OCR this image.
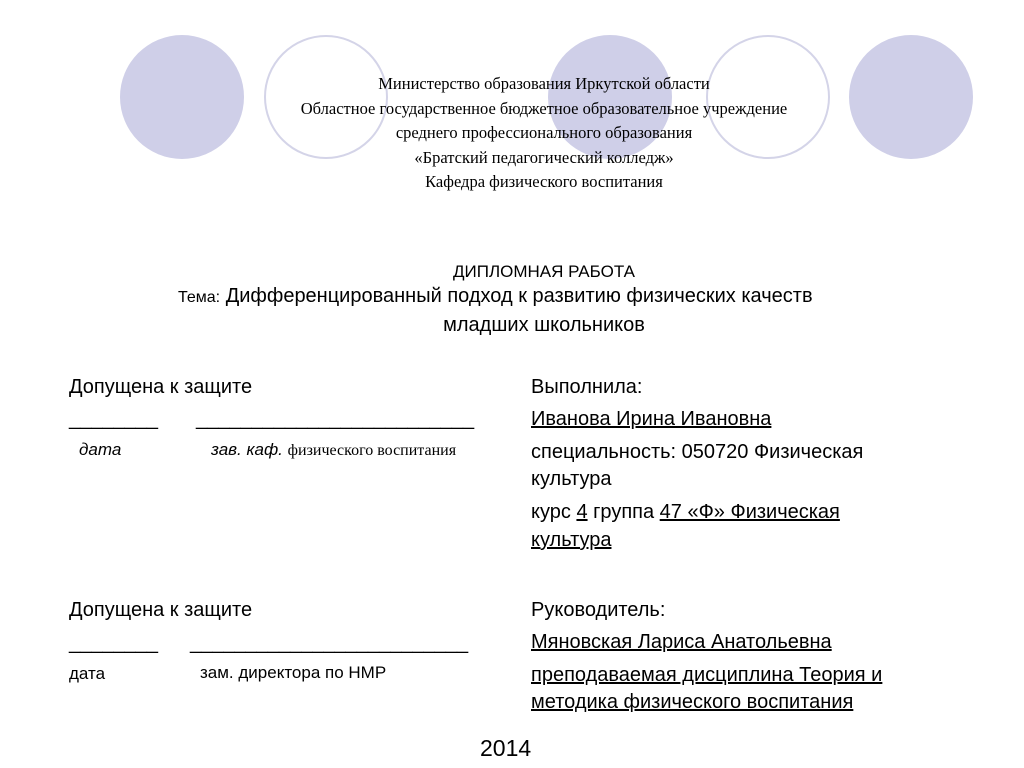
Министерство образования Иркутской области
Областное государственное бюджетное образовательное учреждение
среднего профессионального образования
«Братский педагогический колледж»
Кафедра физического воспитания
ДИПЛОМНАЯ РАБОТА
Тема: Дифференцированный подход к развитию физических качеств
младших школьников
Допущена к защите
________ _________________________
дата	зав. каф. физического воспитания
Выполнила:
Иванова Ирина Ивановна
специальность: 050720 Физическая
культура
курс 4 группа 47 «Ф» Физическая
культура
Допущена к защите
________ _________________________
дата	зам. директора по НМР
Руководитель:
Мяновская Лариса Анатольевна
преподаваемая дисциплина Теория и
методика физического воспитания
2014
